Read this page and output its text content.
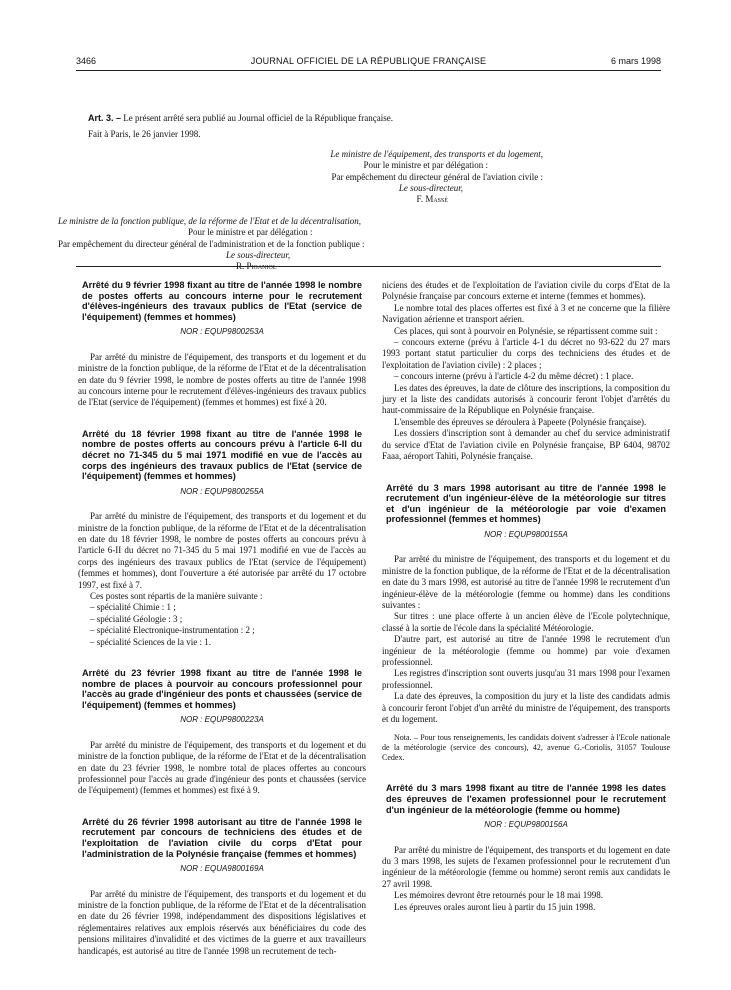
3466	JOURNAL OFFICIEL DE LA RÉPUBLIQUE FRANÇAISE	6 mars 1998

Art. 3. – Le présent arrêté sera publié au Journal officiel de la République française.

Fait à Paris, le 26 janvier 1998.

Le ministre de l'équipement, des transports et du logement,
Pour le ministre et par délégation :
Par empêchement du directeur général de l'aviation civile :
Le sous-directeur,
F. Massé
Le ministre de la fonction publique, de la réforme de l'Etat et de la décentralisation,
Pour le ministre et par délégation :
Par empêchement du directeur général de l'administration et de la fonction publique :
Le sous-directeur,
R. Piganiol
Arrêté du 9 février 1998 fixant au titre de l'année 1998 le nombre de postes offerts au concours interne pour le recrutement d'élèves-ingénieurs des travaux publics de l'Etat (service de l'équipement) (femmes et hommes)
NOR : EQUP9800253A

Par arrêté du ministre de l'équipement, des transports et du logement et du ministre de la fonction publique, de la réforme de l'Etat et de la décentralisation en date du 9 février 1998, le nombre de postes offerts au titre de l'année 1998 au concours interne pour le recrutement d'élèves-ingénieurs des travaux publics de l'Etat (service de l'équipement) (femmes et hommes) est fixé à 20.

Arrêté du 18 février 1998 fixant au titre de l'année 1998 le nombre de postes offerts au concours prévu à l'article 6-II du décret no 71-345 du 5 mai 1971 modifié en vue de l'accès au corps des ingénieurs des travaux publics de l'Etat (service de l'équipement) (femmes et hommes)
NOR : EQUP9800255A

Par arrêté du ministre de l'équipement, des transports et du logement et du ministre de la fonction publique, de la réforme de l'Etat et de la décentralisation en date du 18 février 1998, le nombre de postes offerts au concours prévu à l'article 6-II du décret no 71-345 du 5 mai 1971 modifié en vue de l'accès au corps des ingénieurs des travaux publics de l'Etat (service de l'équipement) (femmes et hommes), dont l'ouverture a été autorisée par arrêté du 17 octobre 1997, est fixé à 7.

Ces postes sont répartis de la manière suivante :

– spécialité Chimie : 1 ;

– spécialité Géologie : 3 ;

– spécialité Electronique-instrumentation : 2 ;

– spécialité Sciences de la vie : 1.

Arrêté du 23 février 1998 fixant au titre de l'année 1998 le nombre de places à pourvoir au concours professionnel pour l'accès au grade d'ingénieur des ponts et chaussées (service de l'équipement) (femmes et hommes)
NOR : EQUP9800223A

Par arrêté du ministre de l'équipement, des transports et du logement et du ministre de la fonction publique, de la réforme de l'Etat et de la décentralisation en date du 23 février 1998, le nombre total de places offertes au concours professionnel pour l'accès au grade d'ingénieur des ponts et chaussées (service de l'équipement) (femmes et hommes) est fixé à 9.

Arrêté du 26 février 1998 autorisant au titre de l'année 1998 le recrutement par concours de techniciens des études et de l'exploitation de l'aviation civile du corps d'Etat pour l'administration de la Polynésie française (femmes et hommes)
NOR : EQUA9800169A

Par arrêté du ministre de l'équipement, des transports et du logement et du ministre de la fonction publique, de la réforme de l'Etat et de la décentralisation en date du 26 février 1998, indépendamment des dispositions législatives et réglementaires relatives aux emplois réservés aux bénéficiaires du code des pensions militaires d'invalidité et des victimes de la guerre et aux travailleurs handicapés, est autorisé au titre de l'année 1998 un recrutement de tech-

niciens des études et de l'exploitation de l'aviation civile du corps d'Etat de la Polynésie française par concours externe et interne (femmes et hommes).

Le nombre total des places offertes est fixé à 3 et ne concerne que la filière Navigation aérienne et transport aérien.

Ces places, qui sont à pourvoir en Polynésie, se répartissent comme suit :

– concours externe (prévu à l'article 4-1 du décret no 93-622 du 27 mars 1993 portant statut particulier du corps des techniciens des études et de l'exploitation de l'aviation civile) : 2 places ;

– concours interne (prévu à l'article 4-2 du même décret) : 1 place.

Les dates des épreuves, la date de clôture des inscriptions, la composition du jury et la liste des candidats autorisés à concourir feront l'objet d'arrêtés du haut-commissaire de la République en Polynésie française.

L'ensemble des épreuves se déroulera à Papeete (Polynésie française).

Les dossiers d'inscription sont à demander au chef du service administratif du service d'Etat de l'aviation civile en Polynésie française, BP 6404, 98702 Faaa, aéroport Tahiti, Polynésie française.

Arrêté du 3 mars 1998 autorisant au titre de l'année 1998 le recrutement d'un ingénieur-élève de la météorologie sur titres et d'un ingénieur de la météorologie par voie d'examen professionnel (femmes et hommes)
NOR : EQUP9800155A

Par arrêté du ministre de l'équipement, des transports et du logement et du ministre de la fonction publique, de la réforme de l'Etat et de la décentralisation en date du 3 mars 1998, est autorisé au titre de l'année 1998 le recrutement d'un ingénieur-élève de la météorologie (femme ou homme) dans les conditions suivantes :

Sur titres : une place offerte à un ancien élève de l'Ecole polytechnique, classé à la sortie de l'école dans la spécialité Météorologie.

D'autre part, est autorisé au titre de l'année 1998 le recrutement d'un ingénieur de la météorologie (femme ou homme) par voie d'examen professionnel.

Les registres d'inscription sont ouverts jusqu'au 31 mars 1998 pour l'examen professionnel.

La date des épreuves, la composition du jury et la liste des candidats admis à concourir feront l'objet d'un arrêté du ministre de l'équipement, des transports et du logement.

Nota. – Pour tous renseignements, les candidats doivent s'adresser à l'Ecole nationale de la météorologie (service des concours), 42, avenue G.-Coriolis, 31057 Toulouse Cedex.

Arrêté du 3 mars 1998 fixant au titre de l'année 1998 les dates des épreuves de l'examen professionnel pour le recrutement d'un ingénieur de la météorologie (femme ou homme)
NOR : EQUP9800156A

Par arrêté du ministre de l'équipement, des transports et du logement en date du 3 mars 1998, les sujets de l'examen professionnel pour le recrutement d'un ingénieur de la météorologie (femme ou homme) seront remis aux candidats le 27 avril 1998.

Les mémoires devront être retournés pour le 18 mai 1998.

Les épreuves orales auront lieu à partir du 15 juin 1998.
